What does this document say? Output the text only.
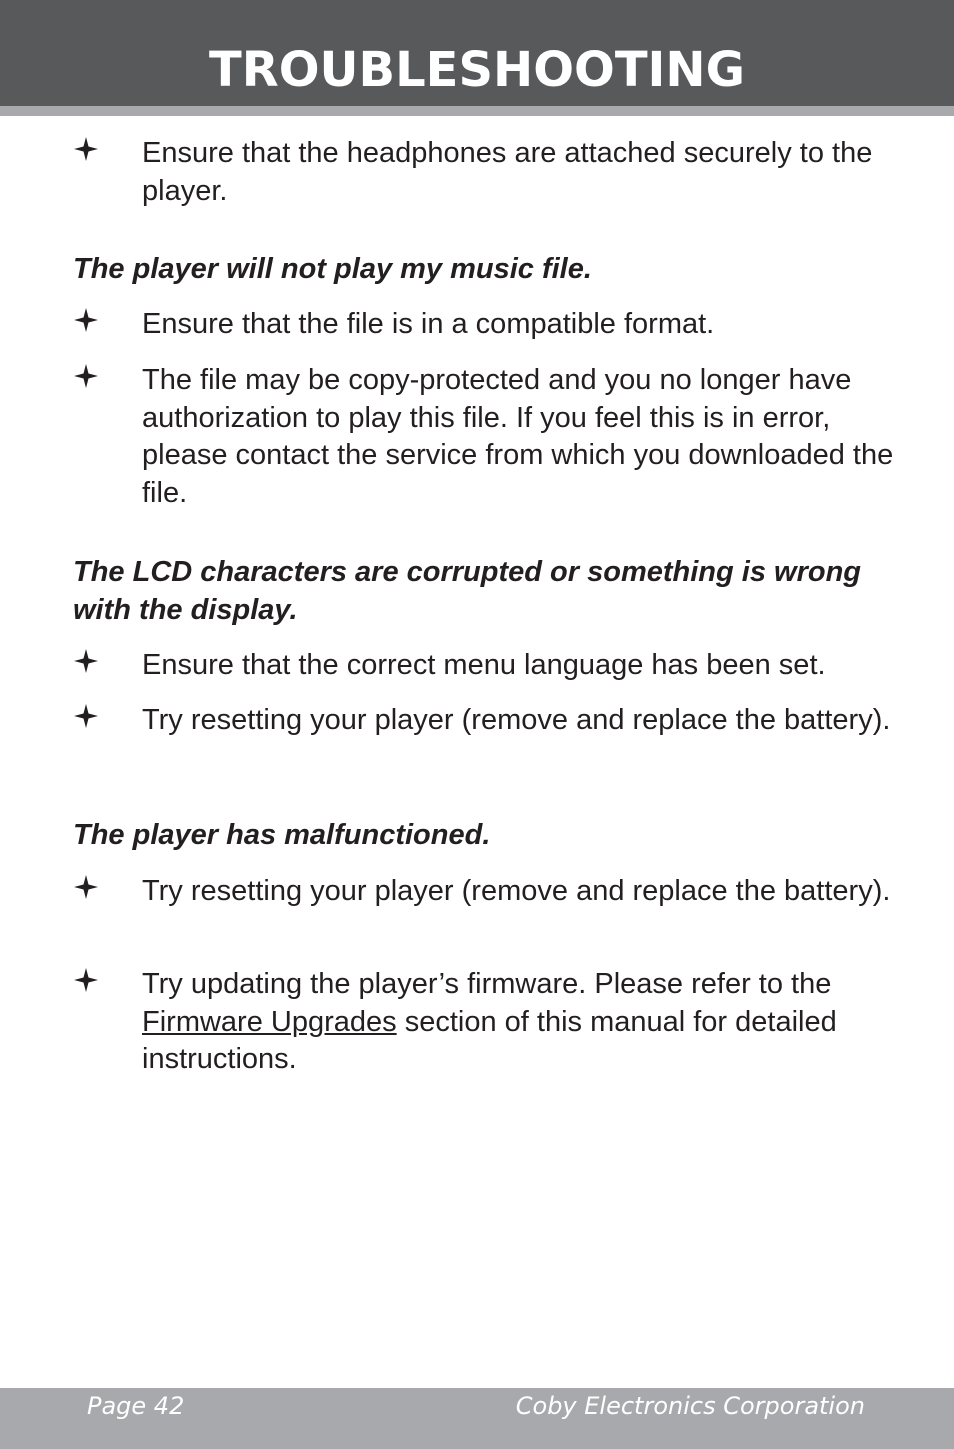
TROUBLESHOOTING
Ensure that the headphones are attached securely to the player.
The player will not play my music file.
Ensure that the file is in a compatible format.
The file may be copy-protected and you no longer have authorization to play this file. If you feel this is in error, please contact the service from which you downloaded the file.
The LCD characters are corrupted or something is wrong with the display.
Ensure that the correct menu language has been set.
Try resetting your player (remove and replace the battery).
The player has malfunctioned.
Try resetting your player (remove and replace the battery).
Try updating the player’s firmware. Please refer to the Firmware Upgrades section of this manual for detailed instructions.
Page 42	Coby Electronics Corporation
